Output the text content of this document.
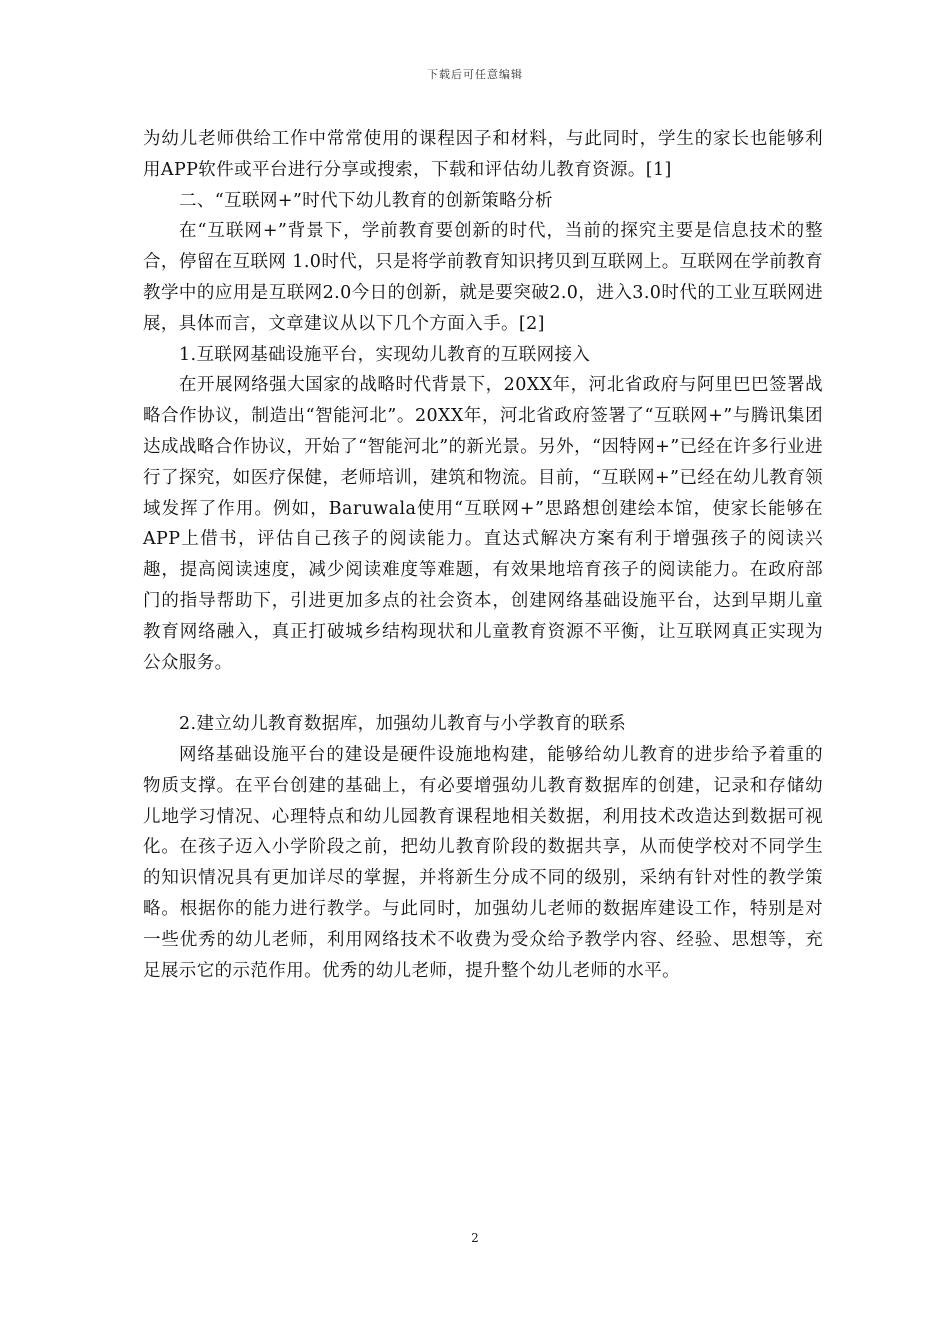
下载后可任意编辑

为幼儿老师供给工作中常常使用的课程因子和材料，与此同时，学生的家长也能够利用APP软件或平台进行分享或搜索，下载和评估幼儿教育资源。[1]

二、“互联网+”时代下幼儿教育的创新策略分析

在“互联网+”背景下，学前教育要创新的时代，当前的探究主要是信息技术的整合，停留在互联网 1.0时代，只是将学前教育知识拷贝到互联网上。互联网在学前教育教学中的应用是互联网2.0今日的创新，就是要突破2.0，进入3.0时代的工业互联网进展，具体而言，文章建议从以下几个方面入手。[2]

1.互联网基础设施平台，实现幼儿教育的互联网接入

在开展网络强大国家的战略时代背景下，20XX年，河北省政府与阿里巴巴签署战略合作协议，制造出“智能河北”。20XX年，河北省政府签署了“互联网+”与腾讯集团达成战略合作协议，开始了“智能河北”的新光景。另外，“因特网+”已经在许多行业进行了探究，如医疗保健，老师培训，建筑和物流。目前，“互联网+”已经在幼儿教育领域发挥了作用。例如，Baruwala使用“互联网+”思路想创建绘本馆，使家长能够在APP上借书，评估自己孩子的阅读能力。直达式解决方案有利于增强孩子的阅读兴趣，提高阅读速度，减少阅读难度等难题，有效果地培育孩子的阅读能力。在政府部门的指导帮助下，引进更加多点的社会资本，创建网络基础设施平台，达到早期儿童教育网络融入，真正打破城乡结构现状和儿童教育资源不平衡，让互联网真正实现为公众服务。

2.建立幼儿教育数据库，加强幼儿教育与小学教育的联系

网络基础设施平台的建设是硬件设施地构建，能够给幼儿教育的进步给予着重的物质支撑。在平台创建的基础上，有必要增强幼儿教育数据库的创建，记录和存储幼儿地学习情况、心理特点和幼儿园教育课程地相关数据，利用技术改造达到数据可视化。在孩子迈入小学阶段之前，把幼儿教育阶段的数据共享，从而使学校对不同学生的知识情况具有更加详尽的掌握，并将新生分成不同的级别，采纳有针对性的教学策略。根据你的能力进行教学。与此同时，加强幼儿老师的数据库建设工作，特别是对一些优秀的幼儿老师，利用网络技术不收费为受众给予教学内容、经验、思想等，充足展示它的示范作用。优秀的幼儿老师，提升整个幼儿老师的水平。

2
